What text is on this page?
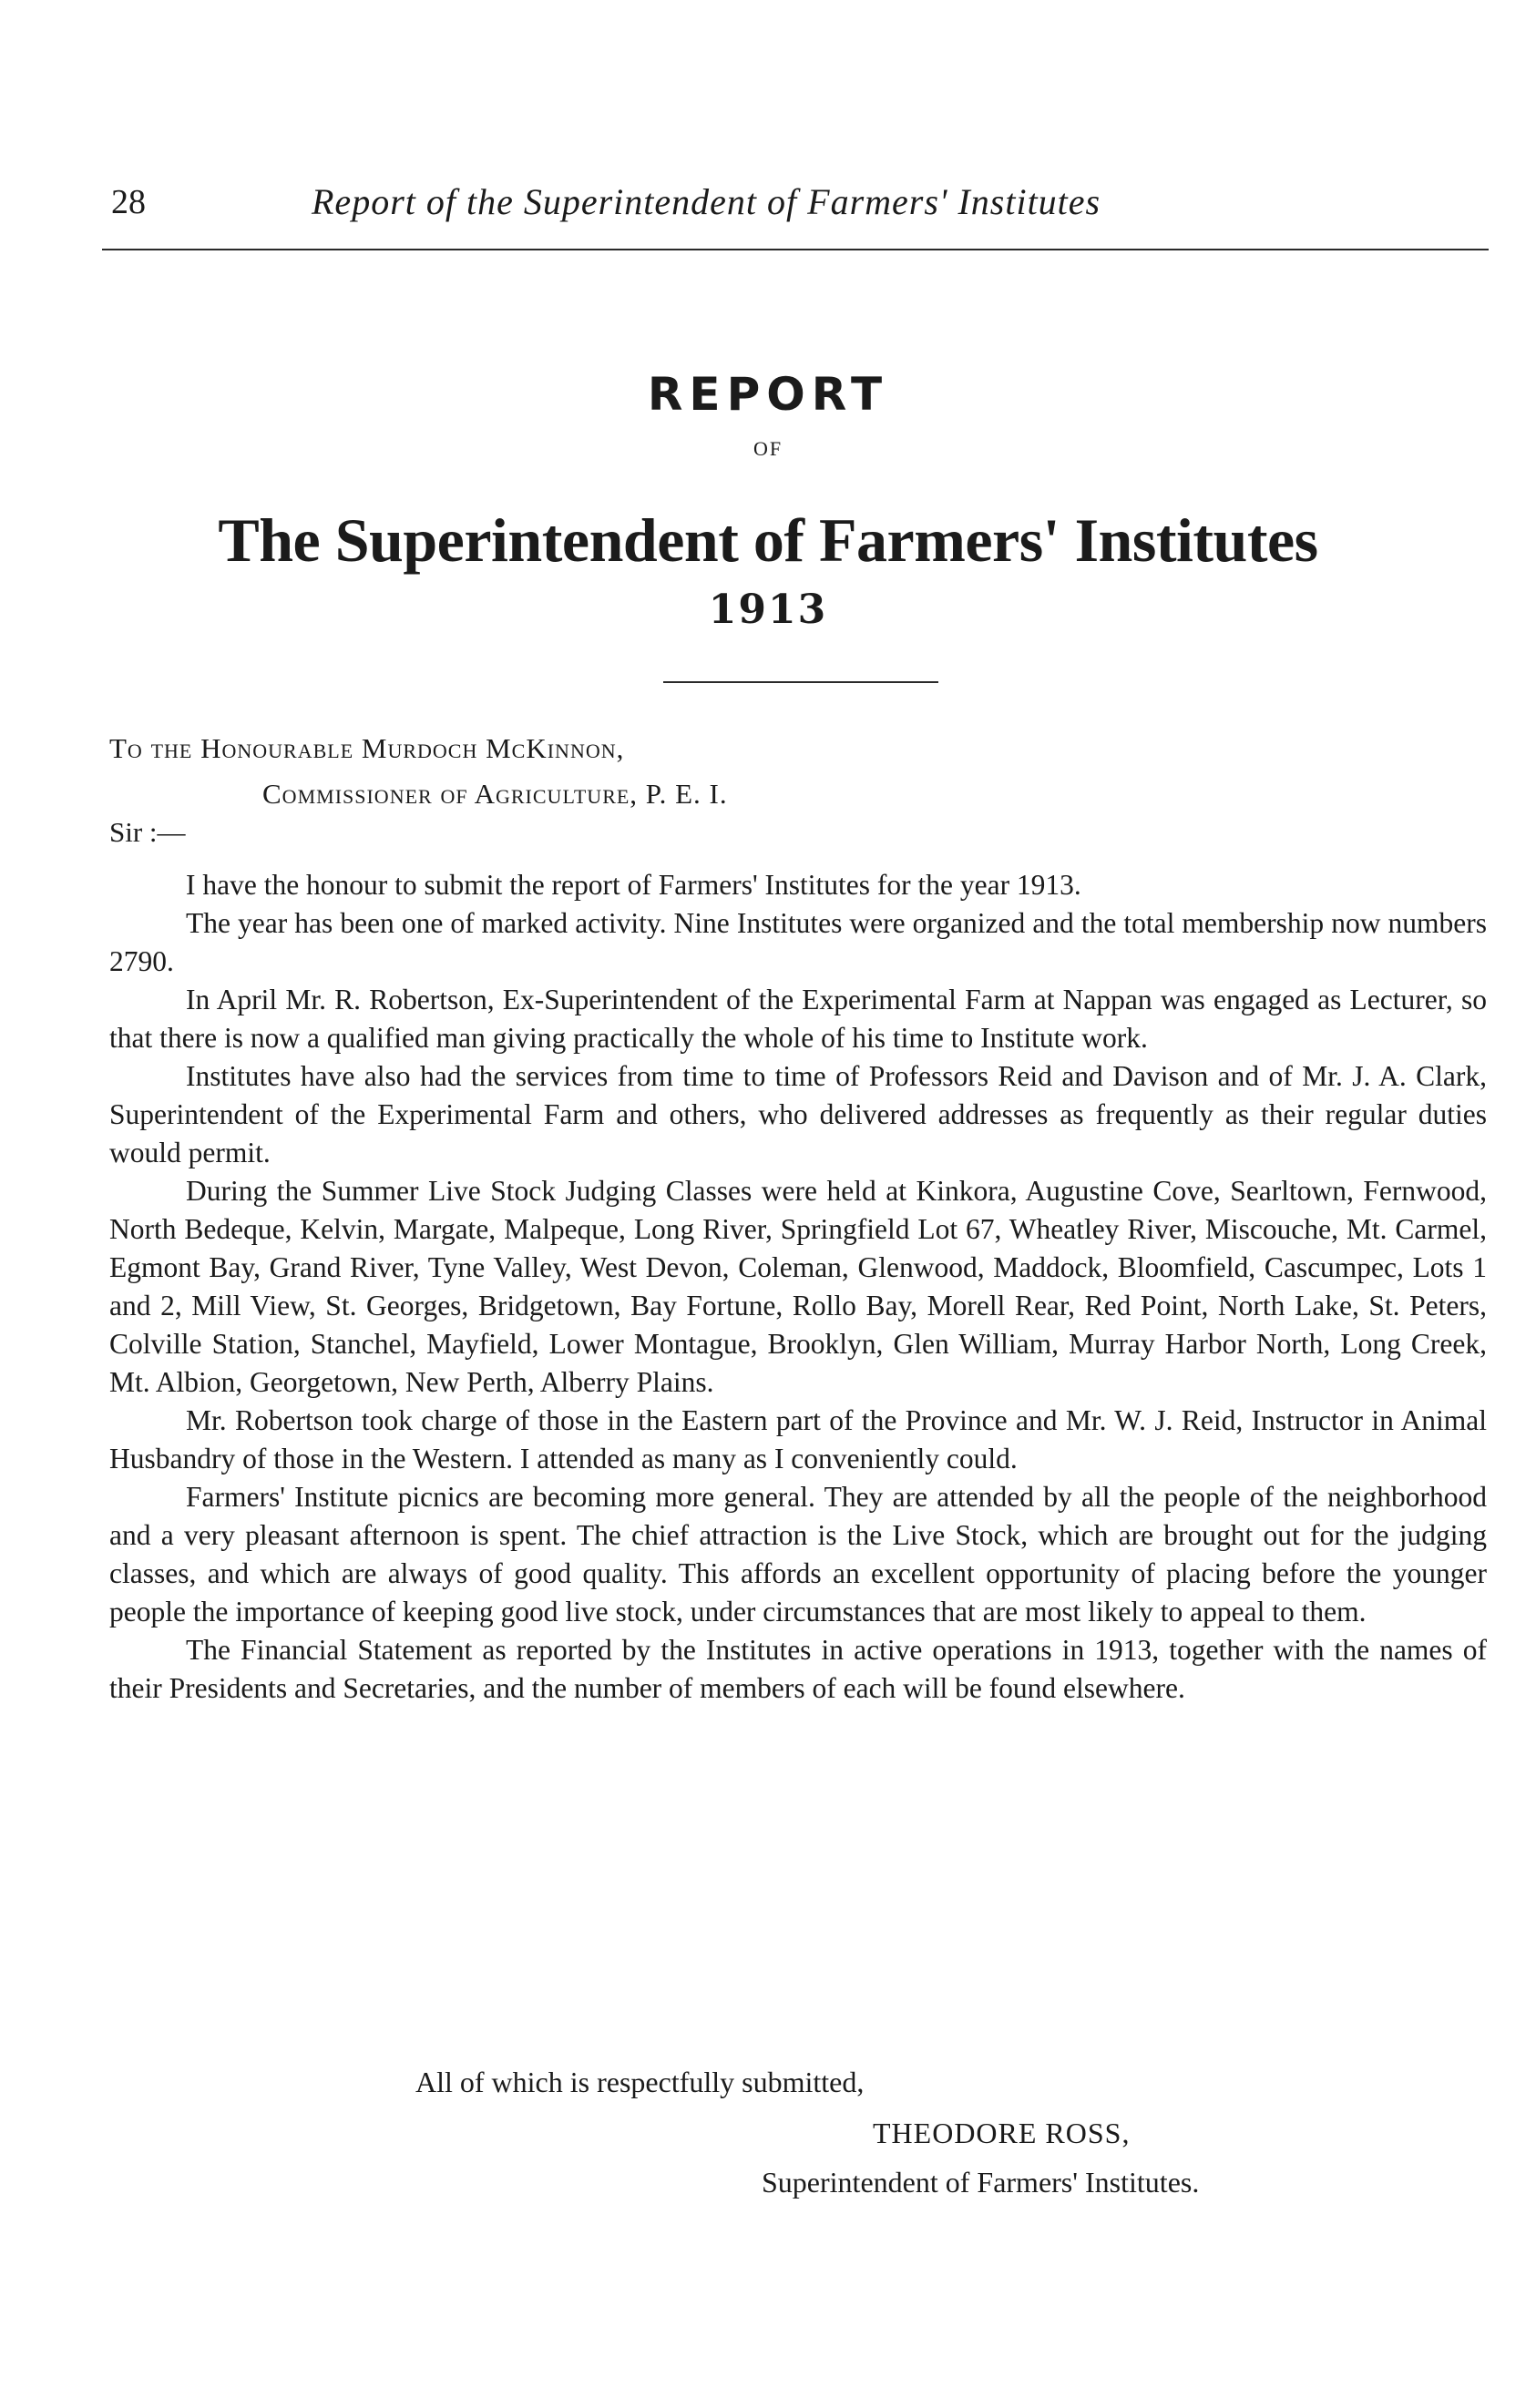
28	Report of the Superintendent of Farmers' Institutes
REPORT
OF
The Superintendent of Farmers' Institutes
1913
To the Honourable Murdoch McKinnon,
Commissioner of Agriculture, P. E. I.
Sir :—

I have the honour to submit the report of Farmers' Institutes for the year 1913.

The year has been one of marked activity. Nine Institutes were organized and the total membership now numbers 2790.

In April Mr. R. Robertson, Ex-Superintendent of the Experimental Farm at Nappan was engaged as Lecturer, so that there is now a qualified man giving practically the whole of his time to Institute work.

Institutes have also had the services from time to time of Professors Reid and Davison and of Mr. J. A. Clark, Superintendent of the Experimental Farm and others, who delivered addresses as frequently as their regular duties would permit.

During the Summer Live Stock Judging Classes were held at Kinkora, Augustine Cove, Searltown, Fernwood, North Bedeque, Kelvin, Margate, Malpeque, Long River, Springfield Lot 67, Wheatley River, Miscouche, Mt. Carmel, Egmont Bay, Grand River, Tyne Valley, West Devon, Coleman, Glenwood, Maddock, Bloomfield, Cascumpec, Lots 1 and 2, Mill View, St. Georges, Bridgetown, Bay Fortune, Rollo Bay, Morell Rear, Red Point, North Lake, St. Peters, Colville Station, Stanchel, Mayfield, Lower Montague, Brooklyn, Glen William, Murray Harbor North, Long Creek, Mt. Albion, Georgetown, New Perth, Alberry Plains.

Mr. Robertson took charge of those in the Eastern part of the Province and Mr. W. J. Reid, Instructor in Animal Husbandry of those in the Western. I attended as many as I conveniently could.

Farmers' Institute picnics are becoming more general. They are attended by all the people of the neighborhood and a very pleasant afternoon is spent. The chief attraction is the Live Stock, which are brought out for the judging classes, and which are always of good quality. This affords an excellent opportunity of placing before the younger people the importance of keeping good live stock, under circumstances that are most likely to appeal to them.

The Financial Statement as reported by the Institutes in active operations in 1913, together with the names of their Presidents and Secretaries, and the number of members of each will be found elsewhere.

All of which is respectfully submitted,
THEODORE ROSS,
Superintendent of Farmers' Institutes.
